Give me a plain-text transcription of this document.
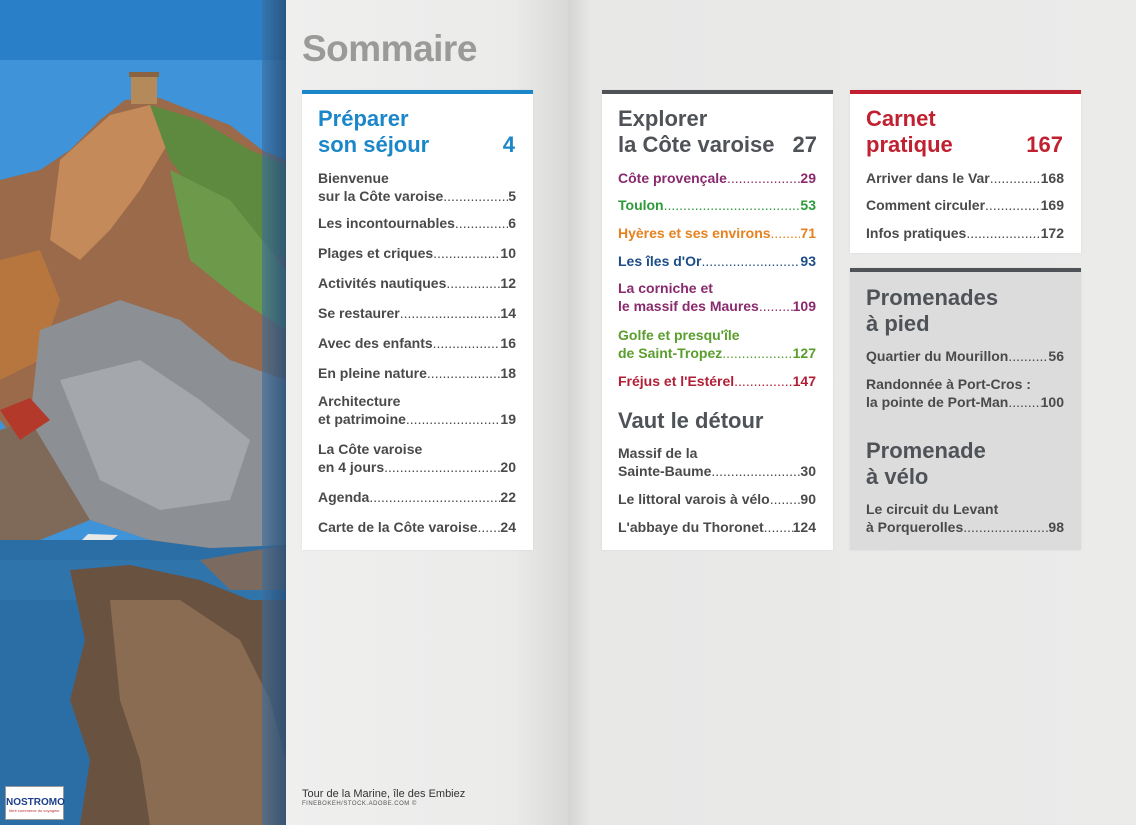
NOSTROMO
libre commerce du voyageur
Sommaire
Préparer
son séjour	4
Bienvenue
sur la Côte varoise .....	5
Les incontournables .....	6
Plages et criques .....	10
Activités nautiques .....	12
Se restaurer .....	14
Avec des enfants .....	16
En pleine nature .....	18
Architecture
et patrimoine .....	19
La Côte varoise
en 4 jours .....	20
Agenda .....	22
Carte de la Côte varoise ..... 24
Explorer
la Côte varoise 27
Côte provençale .....	29
Toulon .....	53
Hyères et ses environs ..... 71
Les îles d'Or .....	93
La corniche et
le massif des Maures ..... 109
Golfe et presqu'île
de Saint-Tropez .....	127
Fréjus et l'Estérel .....	147
Vaut le détour
Massif de la
Sainte-Baume .....	30
Le littoral varois à vélo ..... 90
L'abbaye du Thoronet ..... 124
Carnet
pratique	167
Arriver dans le Var .....	168
Comment circuler .....	169
Infos pratiques .....	172
Promenades
à pied
Quartier du Mourillon .....	56
Randonnée à Port-Cros :
la pointe de Port-Man ..... 100
Promenade
à vélo
Le circuit du Levant
à Porquerolles .....	98
Tour de la Marine, île des Embiez
FINEBOKEH/STOCK.ADOBE.COM ©
